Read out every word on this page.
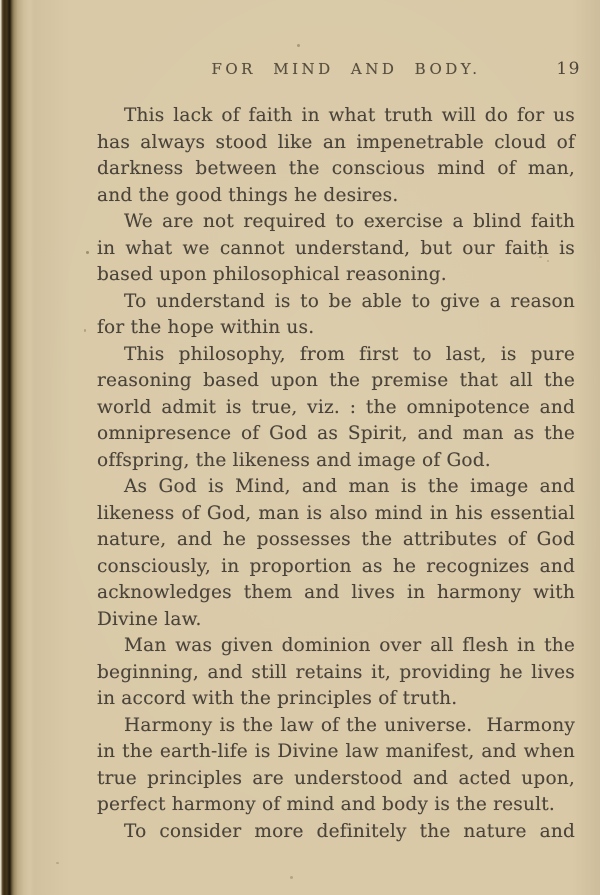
FOR MIND AND BODY.	19
This lack of faith in what truth will do for us
has always stood like an impenetrable cloud of
darkness between the conscious mind of man,
and the good things he desires.
We are not required to exercise a blind faith
in what we cannot understand, but our faith is
based upon philosophical reasoning.
To understand is to be able to give a reason
for the hope within us.
This philosophy, from first to last, is pure
reasoning based upon the premise that all the
world admit is true, viz. : the omnipotence and
omnipresence of God as Spirit, and man as the
offspring, the likeness and image of God.
As God is Mind, and man is the image and
likeness of God, man is also mind in his essential
nature, and he possesses the attributes of God
consciously, in proportion as he recognizes and
acknowledges them and lives in harmony with
Divine law.
Man was given dominion over all flesh in the
beginning, and still retains it, providing he lives
in accord with the principles of truth.
Harmony is the law of the universe.  Harmony
in the earth-life is Divine law manifest, and when
true principles are understood and acted upon,
perfect harmony of mind and body is the result.
To consider more definitely the nature and
